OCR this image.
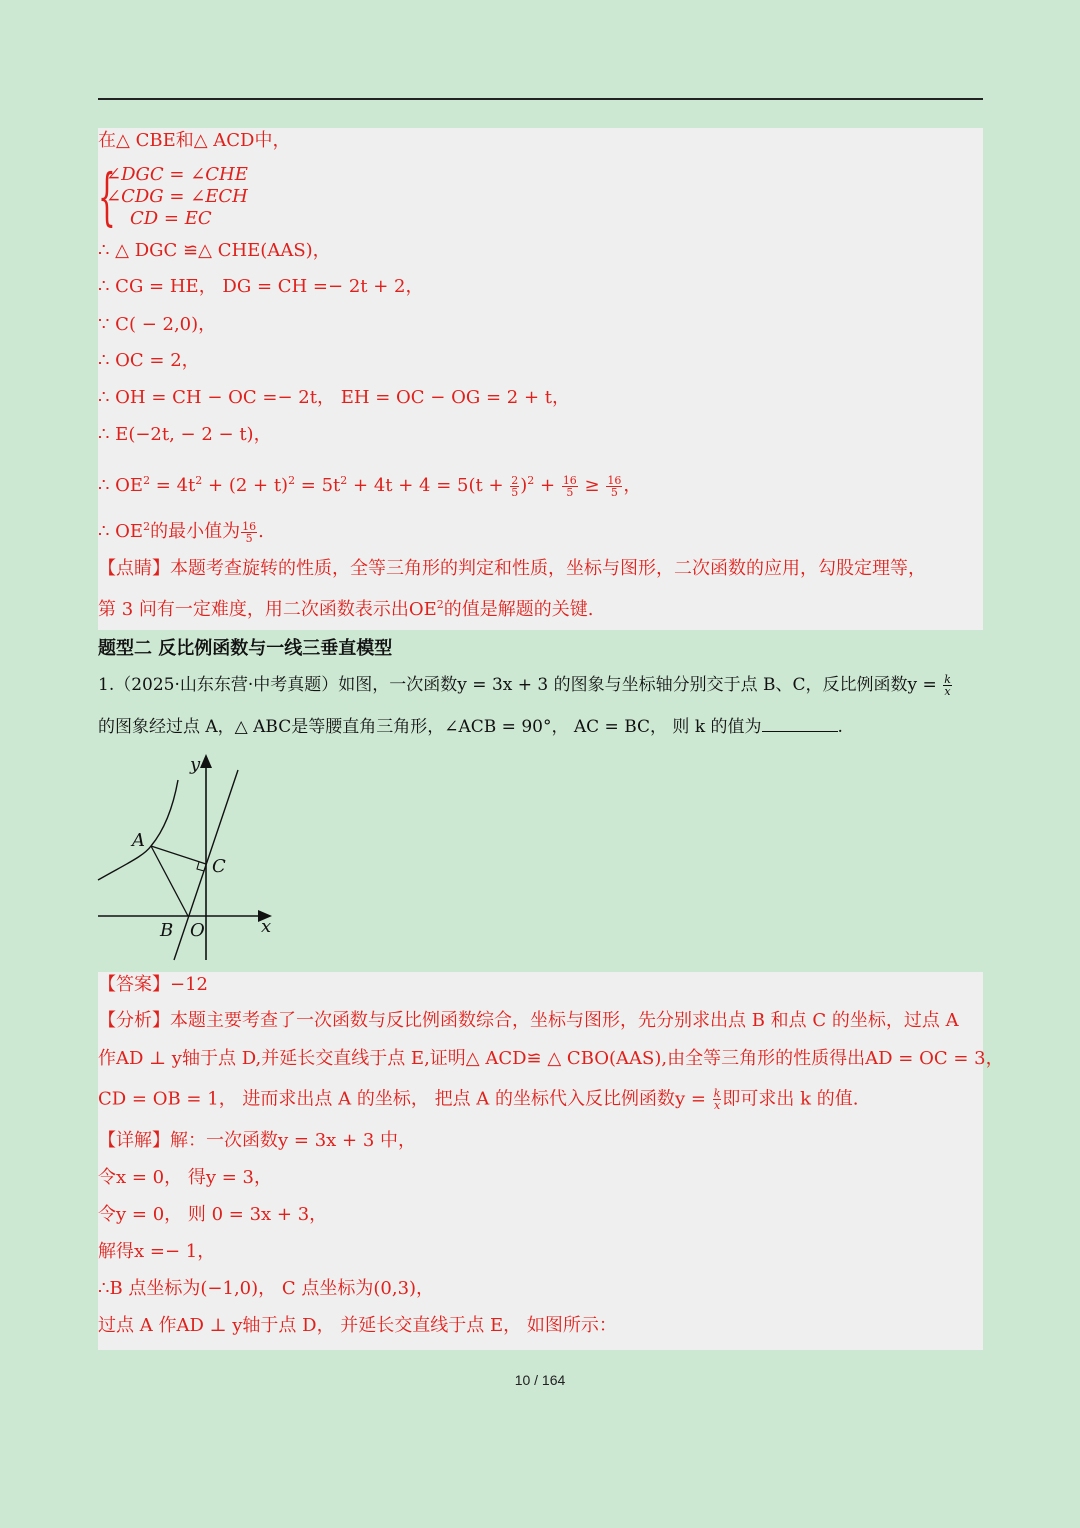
在△ CBE和△ ACD中，
{
∠DGC = ∠CHE
∠CDG = ∠ECH
CD = EC
∴ △ DGC ≌△ CHE(AAS)，
∴ CG = HE， DG = CH =− 2t + 2，
∵ C( − 2,0)，
∴ OC = 2，
∴ OH = CH − OC =− 2t， EH = OC − OG = 2 + t，
∴ E(−2t, − 2 − t)，
∴ $OE^2 = 4t^2 + (2 + t)^2 = 5t^2 + 4t + 4 = 5(t + \frac{2}{5} )^2 + \frac{16}{5} \ge \frac{16}{5}$ ，
∴ $OE^2$的最小值为 $\frac{16}{5}$ .
【点睛】本题考查旋转的性质，全等三角形的判定和性质，坐标与图形，二次函数的应用，勾股定理等，
第 3 问有一定难度，用二次函数表示出$OE^2$的值是解题的关键.
题型二 反比例函数与一线三垂直模型
1.（2025·山东东营·中考真题）如图，一次函数y = 3x + 3 的图象与坐标轴分别交于点 B、C，反比例函数$y = \frac{k}{x}$
的图象经过点 A，△ ABC是等腰直角三角形，∠ACB = 90°， AC = BC， 则 k 的值为	.
y
x
A
C
B O
【答案】−12
【分析】本题主要考查了一次函数与反比例函数综合，坐标与图形，先分别求出点 B 和点 C 的坐标，过点 A
作AD ⊥ y轴于点 D,并延长交直线于点 E,证明△ ACD≌ △ CBO(AAS),由全等三角形的性质得出AD = OC = 3，
CD = OB = 1， 进而求出点 A 的坐标， 把点 A 的坐标代入反比例函数$y = \frac{k}{x}$ 即可求出 k 的值.
【详解】解：一次函数y = 3x + 3 中，
令x = 0， 得y = 3，
令y = 0， 则 0 = 3x + 3，
解得x =− 1，
∴B 点坐标为(−1,0)， C 点坐标为(0,3)，
过点 A 作AD ⊥ y轴于点 D， 并延长交直线于点 E， 如图所示：
10 / 164
